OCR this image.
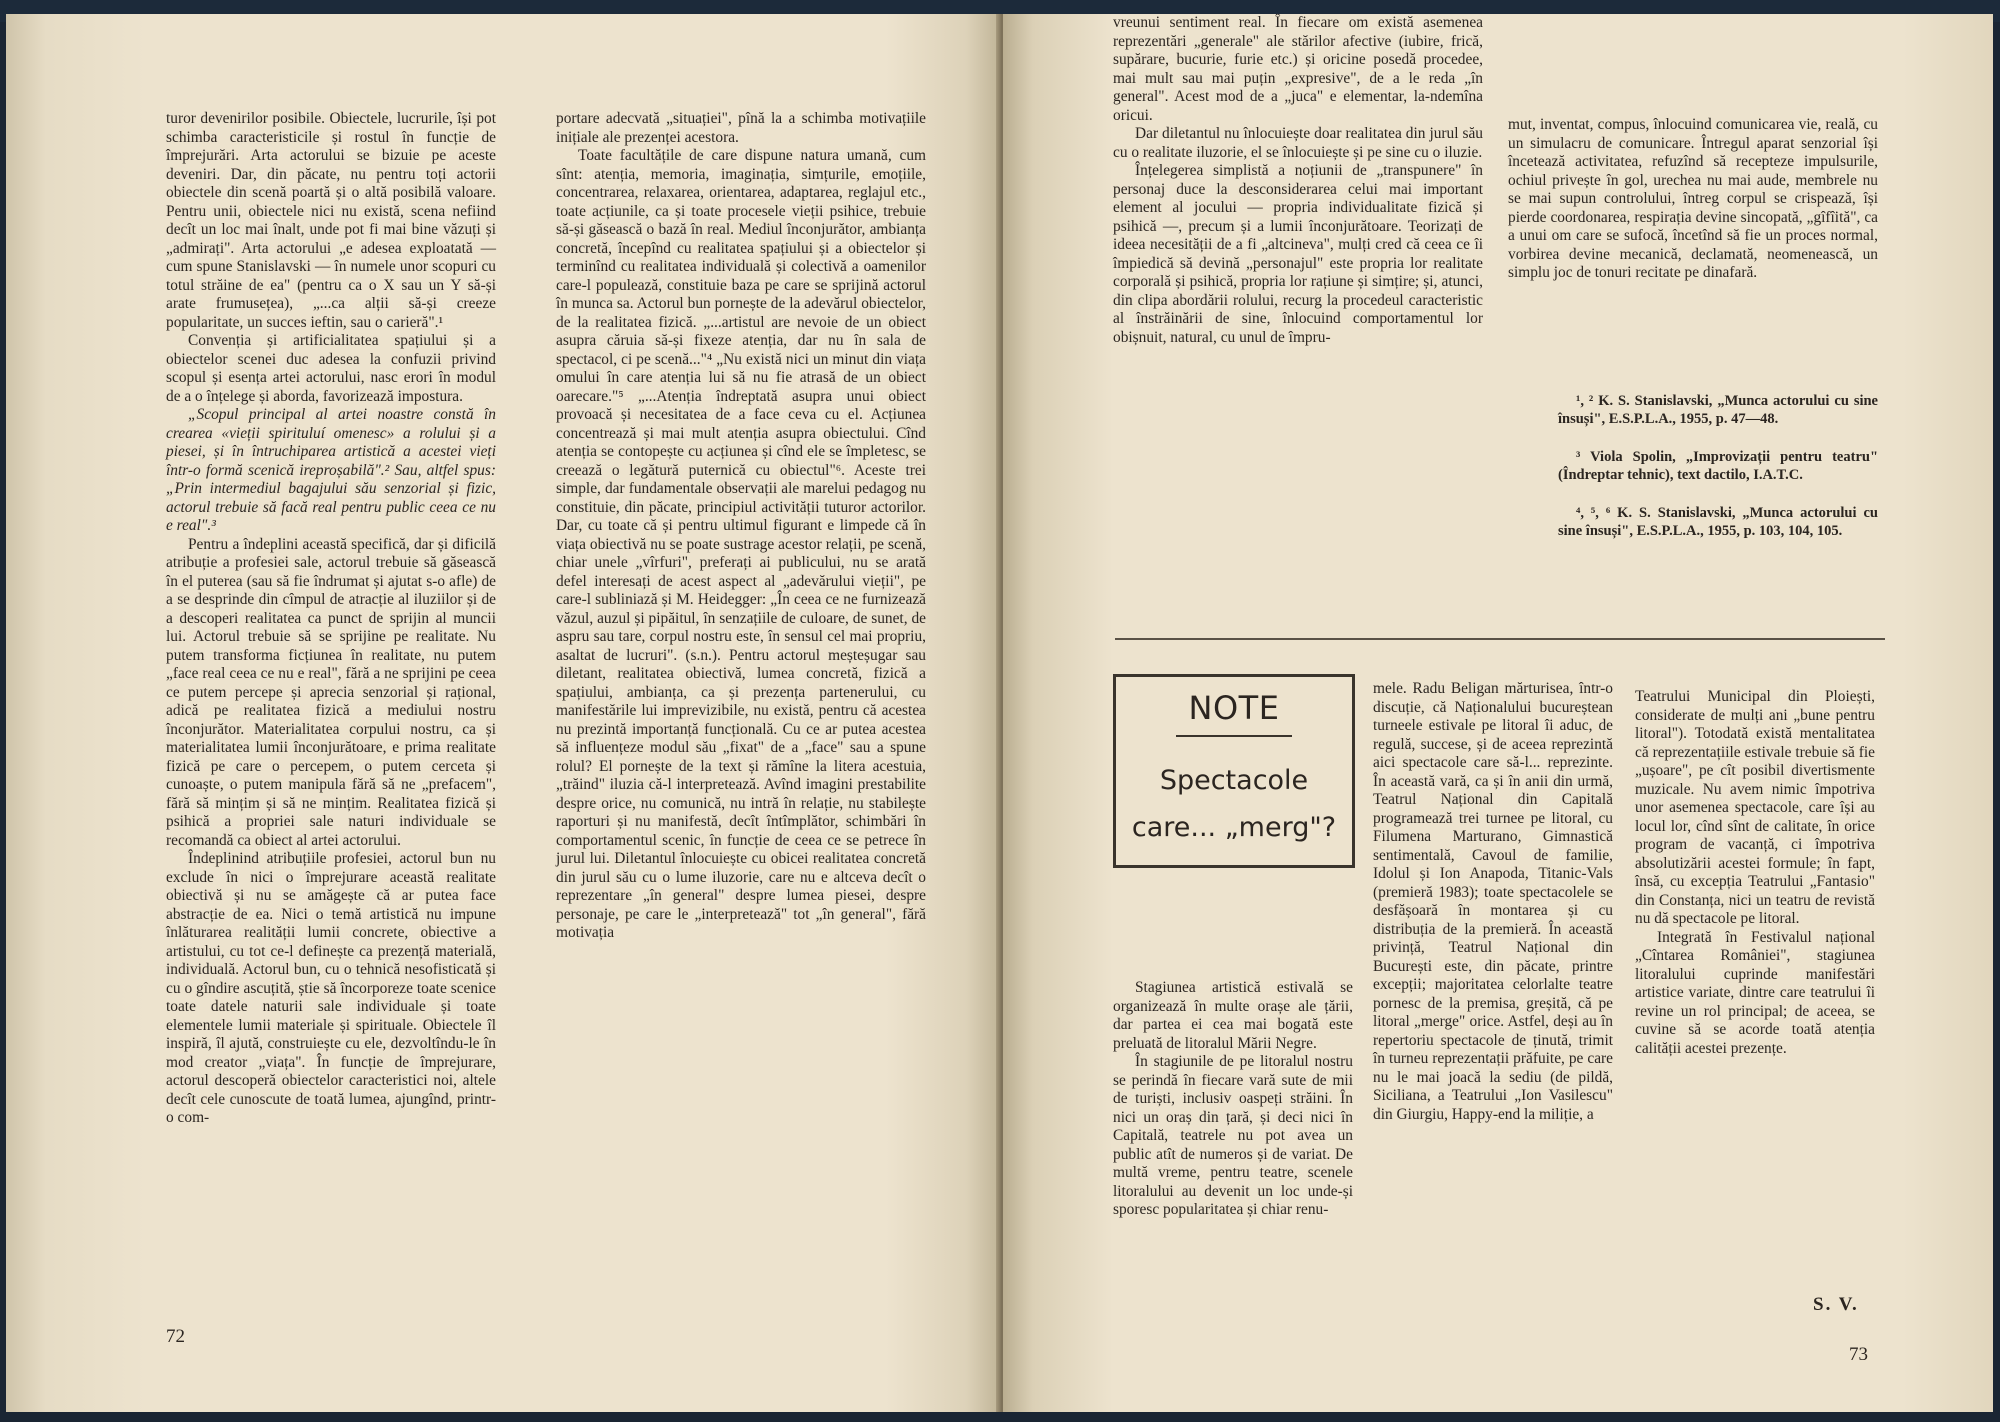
turor devenirilor posibile. Obiectele, lucrurile, își pot schimba caracteristicile și rostul în funcție de împrejurări. Arta actorului se bizuie pe aceste deveniri. Dar, din păcate, nu pentru toți actorii obiectele din scenă poartă și o altă posibilă valoare. Pentru unii, obiectele nici nu există, scena nefiind decît un loc mai înalt, unde pot fi mai bine văzuți și „admirați". Arta actorului „e adesea exploatată — cum spune Stanislavski — în numele unor scopuri cu totul străine de ea" (pentru ca o X sau un Y să-și arate frumusețea), „...ca alții să-și creeze popularitate, un succes ieftin, sau o carieră".¹

Convenția și artificialitatea spațiului și a obiectelor scenei duc adesea la confuzii privind scopul și esența artei actorului, nasc erori în modul de a o înțelege și aborda, favorizează impostura.

„Scopul principal al artei noastre constă în crearea «vieții spirituluí omenesc» a rolului și a piesei, și în întruchiparea artistică a acestei vieți într-o formă scenică ireproșabilă".² Sau, altfel spus: „Prin intermediul bagajului său senzorial și fizic, actorul trebuie să facă real pentru public ceea ce nu e real".³

Pentru a îndeplini această specifică, dar și dificilă atribuție a profesiei sale, actorul trebuie să găsească în el puterea (sau să fie îndrumat și ajutat s-o afle) de a se desprinde din cîmpul de atracție al iluziilor și de a descoperi realitatea ca punct de sprijin al muncii lui. Actorul trebuie să se sprijine pe realitate. Nu putem transforma ficțiunea în realitate, nu putem „face real ceea ce nu e real", fără a ne sprijini pe ceea ce putem percepe și aprecia senzorial și rațional, adică pe realitatea fizică a mediului nostru înconjurător. Materialitatea corpului nostru, ca și materialitatea lumii înconjurătoare, e prima realitate fizică pe care o percepem, o putem cerceta și cunoaște, o putem manipula fără să ne „prefacem", fără să mințim și să ne mințim. Realitatea fizică și psihică a propriei sale naturi individuale se recomandă ca obiect al artei actorului.

Îndeplinind atribuțiile profesiei, actorul bun nu exclude în nici o împrejurare această realitate obiectivă și nu se amăgește că ar putea face abstracție de ea. Nici o temă artistică nu impune înlăturarea realității lumii concrete, obiective a artistului, cu tot ce-l definește ca prezență materială, individuală. Actorul bun, cu o tehnică nesofisticată și cu o gîndire ascuțită, știe să încorporeze toate scenice toate datele naturii sale individuale și toate elementele lumii materiale și spirituale. Obiectele îl inspiră, îl ajută, construiește cu ele, dezvoltîndu-le în mod creator „viața". În funcție de împrejurare, actorul descoperă obiectelor caracteristici noi, altele decît cele cunoscute de toată lumea, ajungînd, printr-o com-

portare adecvată „situației", pînă la a schimba motivațiile inițiale ale prezenței acestora.

Toate facultățile de care dispune natura umană, cum sînt: atenția, memoria, imaginația, simțurile, emoțiile, concentrarea, relaxarea, orientarea, adaptarea, reglajul etc., toate acțiunile, ca și toate procesele vieții psihice, trebuie să-și găsească o bază în real. Mediul înconjurător, ambianța concretă, începînd cu realitatea spațiului și a obiectelor și terminînd cu realitatea individuală și colectivă a oamenilor care-l populează, constituie baza pe care se sprijină actorul în munca sa. Actorul bun pornește de la adevărul obiectelor, de la realitatea fizică. „...artistul are nevoie de un obiect asupra căruia să-și fixeze atenția, dar nu în sala de spectacol, ci pe scenă..."⁴ „Nu există nici un minut din viața omului în care atenția lui să nu fie atrasă de un obiect oarecare."⁵ „...Atenția îndreptată asupra unui obiect provoacă și necesitatea de a face ceva cu el. Acțiunea concentrează și mai mult atenția asupra obiectului. Cînd atenția se contopește cu acțiunea și cînd ele se împletesc, se creează o legătură puternică cu obiectul"⁶. Aceste trei simple, dar fundamentale observații ale marelui pedagog nu constituie, din păcate, principiul activității tuturor actorilor. Dar, cu toate că și pentru ultimul figurant e limpede că în viața obiectivă nu se poate sustrage acestor relații, pe scenă, chiar unele „vîrfuri", preferați ai publicului, nu se arată defel interesați de acest aspect al „adevărului vieții", pe care-l subliniază și M. Heidegger: „În ceea ce ne furnizează văzul, auzul și pipăitul, în senzațiile de culoare, de sunet, de aspru sau tare, corpul nostru este, în sensul cel mai propriu, asaltat de lucruri". (s.n.). Pentru actorul meșteșugar sau diletant, realitatea obiectivă, lumea concretă, fizică a spațiului, ambianța, ca și prezența partenerului, cu manifestările lui imprevizibile, nu există, pentru că acestea nu prezintă importanță funcțională. Cu ce ar putea acestea să influențeze modul său „fixat" de a „face" sau a spune rolul? El pornește de la text și rămîne la litera acestuia, „trăind" iluzia că-l interpretează. Avînd imagini prestabilite despre orice, nu comunică, nu intră în relație, nu stabilește raporturi și nu manifestă, decît întîmplător, schimbări în comportamentul scenic, în funcție de ceea ce se petrece în jurul lui. Diletantul înlocuiește cu obicei realitatea concretă din jurul său cu o lume iluzorie, care nu e altceva decît o reprezentare „în general" despre lumea piesei, despre personaje, pe care le „interpretează" tot „în general", fără motivația

72

vreunui sentiment real. În fiecare om există asemenea reprezentări „generale" ale stărilor afective (iubire, frică, supărare, bucurie, furie etc.) și oricine posedă procedee, mai mult sau mai puțin „expresive", de a le reda „în general". Acest mod de a „juca" e elementar, la-ndemîna oricui.

Dar diletantul nu înlocuiește doar realitatea din jurul său cu o realitate iluzorie, el se înlocuiește și pe sine cu o iluzie.

Înțelegerea simplistă a noțiunii de „transpunere" în personaj duce la desconsiderarea celui mai important element al jocului — propria individualitate fizică și psihică —, precum și a lumii înconjurătoare. Teorizați de ideea necesității de a fi „altcineva", mulți cred că ceea ce îi împiedică să devină „personajul" este propria lor realitate corporală și psihică, propria lor rațiune și simțire; și, atunci, din clipa abordării rolului, recurg la procedeul caracteristic al înstrăinării de sine, înlocuind comportamentul lor obișnuit, natural, cu unul de împru-

mut, inventat, compus, înlocuind comunicarea vie, reală, cu un simulacru de comunicare. Întregul aparat senzorial își încetează activitatea, refuzînd să recepteze impulsurile, ochiul privește în gol, urechea nu mai aude, membrele nu se mai supun controlului, întreg corpul se crispează, își pierde coordonarea, respirația devine sincopată, „gîfîită", ca a unui om care se sufocă, încetînd să fie un proces normal, vorbirea devine mecanică, declamată, neomenească, un simplu joc de tonuri recitate pe dinafară.

¹, ² K. S. Stanislavski, „Munca actorului cu sine însuși", E.S.P.L.A., 1955, p. 47—48.
³ Viola Spolin, „Improvizații pentru teatru" (Îndreptar tehnic), text dactilo, I.A.T.C.
⁴, ⁵, ⁶ K. S. Stanislavski, „Munca actorului cu sine însuși", E.S.P.L.A., 1955, p. 103, 104, 105.
NOTE
Spectacole
care... „merg"?

Stagiunea artistică estivală se organizează în multe orașe ale țării, dar partea ei cea mai bogată este preluată de litoralul Mării Negre.

În stagiunile de pe litoralul nostru se perindă în fiecare vară sute de mii de turiști, inclusiv oaspeți străini. În nici un oraș din țară, și deci nici în Capitală, teatrele nu pot avea un public atît de numeros și de variat. De multă vreme, pentru teatre, scenele litoralului au devenit un loc unde-și sporesc popularitatea și chiar renu-

mele. Radu Beligan mărturisea, într-o discuție, că Naționalului bucureștean turneele estivale pe litoral îi aduc, de regulă, succese, și de aceea reprezintă aici spectacole care să-l... reprezinte. În această vară, ca și în anii din urmă, Teatrul Național din Capitală programează trei turnee pe litoral, cu Filumena Marturano, Gimnastică sentimentală, Cavoul de familie, Idolul și Ion Anapoda, Titanic-Vals (premieră 1983); toate spectacolele se desfășoară în montarea și cu distribuția de la premieră. În această privință, Teatrul Național din București este, din păcate, printre excepții; majoritatea celorlalte teatre pornesc de la premisa, greșită, că pe litoral „merge" orice. Astfel, deși au în repertoriu spectacole de ținută, trimit în turneu reprezentații prăfuite, pe care nu le mai joacă la sediu (de pildă, Siciliana, a Teatrului „Ion Vasilescu" din Giurgiu, Happy-end la miliție, a

Teatrului Municipal din Ploiești, considerate de mulți ani „bune pentru litoral"). Totodată există mentalitatea că reprezentațiile estivale trebuie să fie „ușoare", pe cît posibil divertismente muzicale. Nu avem nimic împotriva unor asemenea spectacole, care își au locul lor, cînd sînt de calitate, în orice program de vacanță, ci împotriva absolutizării acestei formule; în fapt, însă, cu excepția Teatrului „Fantasio" din Constanța, nici un teatru de revistă nu dă spectacole pe litoral.

Integrată în Festivalul național „Cîntarea României", stagiunea litoralului cuprinde manifestări artistice variate, dintre care teatrului îi revine un rol principal; de aceea, se cuvine să se acorde toată atenția calității acestei prezențe.

S. V.
73
